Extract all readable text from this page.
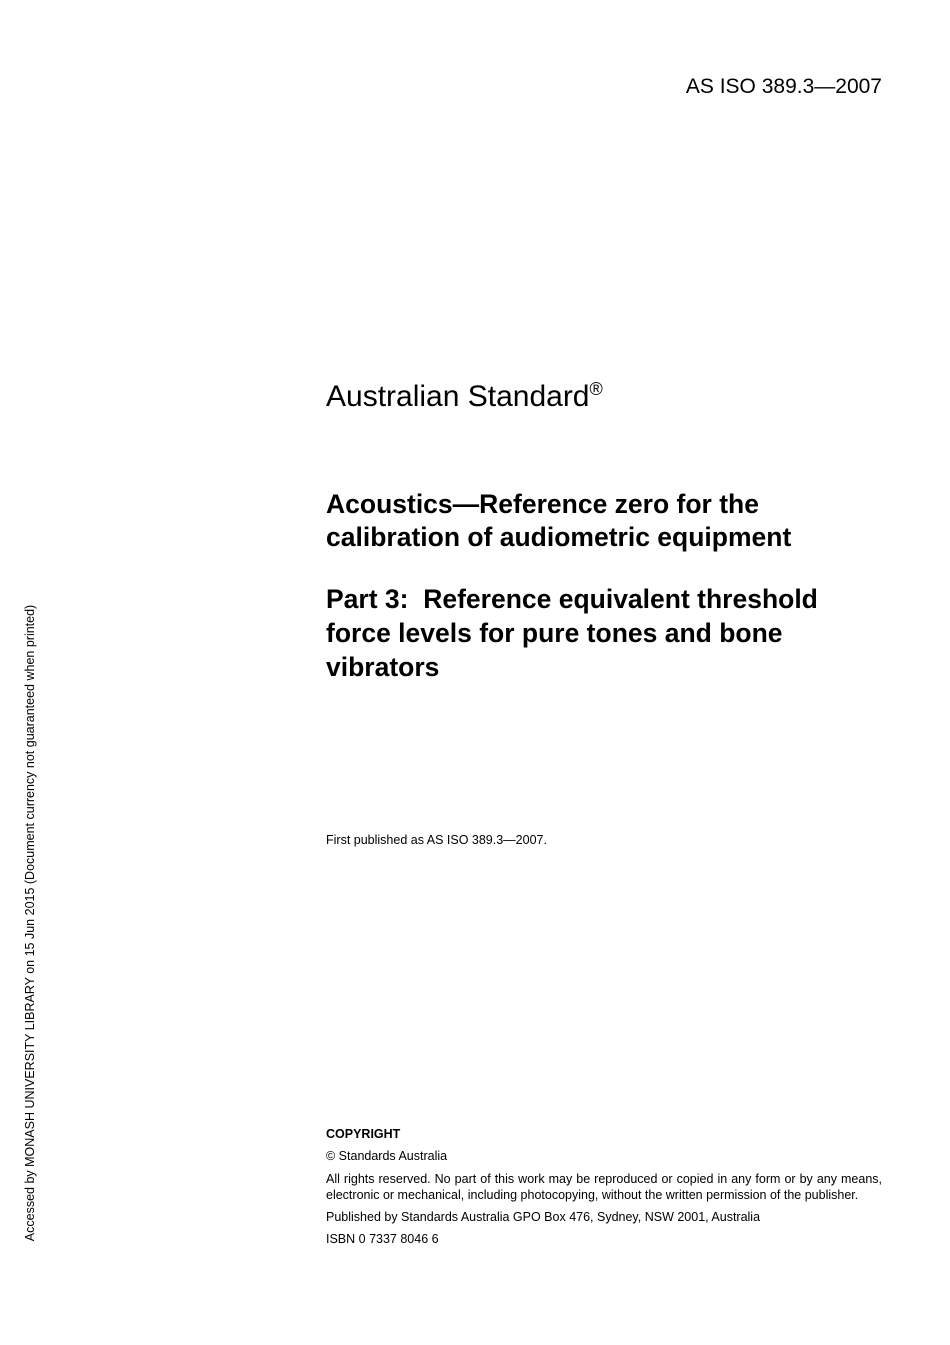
AS ISO 389.3—2007
Accessed by MONASH UNIVERSITY LIBRARY on 15 Jun 2015 (Document currency not guaranteed when printed)
Australian Standard®
Acoustics—Reference zero for the
calibration of audiometric equipment
Part 3:  Reference equivalent threshold
force levels for pure tones and bone
vibrators
First published as AS ISO 389.3—2007.

COPYRIGHT

© Standards Australia

All rights reserved. No part of this work may be reproduced or copied in any form or by any means, electronic or mechanical, including photocopying, without the written permission of the publisher.

Published by Standards Australia GPO Box 476, Sydney, NSW 2001, Australia

ISBN 0 7337 8046 6
